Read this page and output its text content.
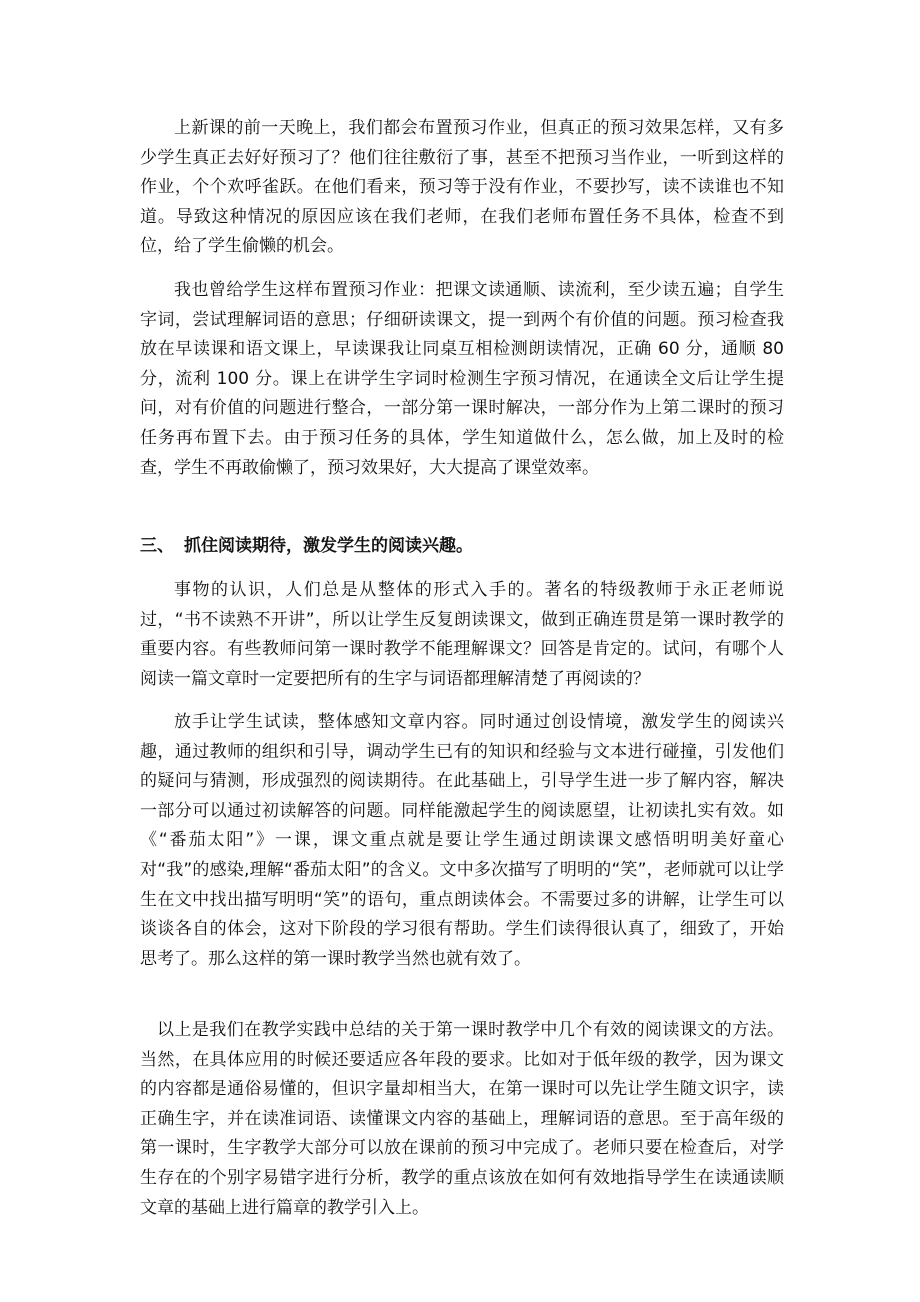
上新课的前一天晚上，我们都会布置预习作业，但真正的预习效果怎样，又有多少学生真正去好好预习了？他们往往敷衍了事，甚至不把预习当作业，一听到这样的作业，个个欢呼雀跃。在他们看来，预习等于没有作业，不要抄写，读不读谁也不知道。导致这种情况的原因应该在我们老师，在我们老师布置任务不具体，检查不到位，给了学生偷懒的机会。

我也曾给学生这样布置预习作业：把课文读通顺、读流利，至少读五遍；自学生字词，尝试理解词语的意思；仔细研读课文，提一到两个有价值的问题。预习检查我放在早读课和语文课上，早读课我让同桌互相检测朗读情况，正确 60 分，通顺 80 分，流利 100 分。课上在讲学生字词时检测生字预习情况，在通读全文后让学生提问，对有价值的问题进行整合，一部分第一课时解决，一部分作为上第二课时的预习任务再布置下去。由于预习任务的具体，学生知道做什么，怎么做，加上及时的检查，学生不再敢偷懒了，预习效果好，大大提高了课堂效率。

三、 抓住阅读期待，激发学生的阅读兴趣。

事物的认识，人们总是从整体的形式入手的。著名的特级教师于永正老师说过，“书不读熟不开讲”，所以让学生反复朗读课文，做到正确连贯是第一课时教学的重要内容。有些教师问第一课时教学不能理解课文？回答是肯定的。试问，有哪个人阅读一篇文章时一定要把所有的生字与词语都理解清楚了再阅读的？

放手让学生试读，整体感知文章内容。同时通过创设情境，激发学生的阅读兴趣，通过教师的组织和引导，调动学生已有的知识和经验与文本进行碰撞，引发他们的疑问与猜测，形成强烈的阅读期待。在此基础上，引导学生进一步了解内容，解决一部分可以通过初读解答的问题。同样能激起学生的阅读愿望，让初读扎实有效。如《“番茄太阳”》一课，课文重点就是要让学生通过朗读课文感悟明明美好童心对“我”的感染,理解“番茄太阳”的含义。文中多次描写了明明的“笑”，老师就可以让学生在文中找出描写明明“笑”的语句，重点朗读体会。不需要过多的讲解，让学生可以谈谈各自的体会，这对下阶段的学习很有帮助。学生们读得很认真了，细致了，开始思考了。那么这样的第一课时教学当然也就有效了。

以上是我们在教学实践中总结的关于第一课时教学中几个有效的阅读课文的方法。当然，在具体应用的时候还要适应各年段的要求。比如对于低年级的教学，因为课文的内容都是通俗易懂的，但识字量却相当大，在第一课时可以先让学生随文识字，读正确生字，并在读准词语、读懂课文内容的基础上，理解词语的意思。至于高年级的第一课时，生字教学大部分可以放在课前的预习中完成了。老师只要在检查后，对学生存在的个别字易错字进行分析，教学的重点该放在如何有效地指导学生在读通读顺文章的基础上进行篇章的教学引入上。
